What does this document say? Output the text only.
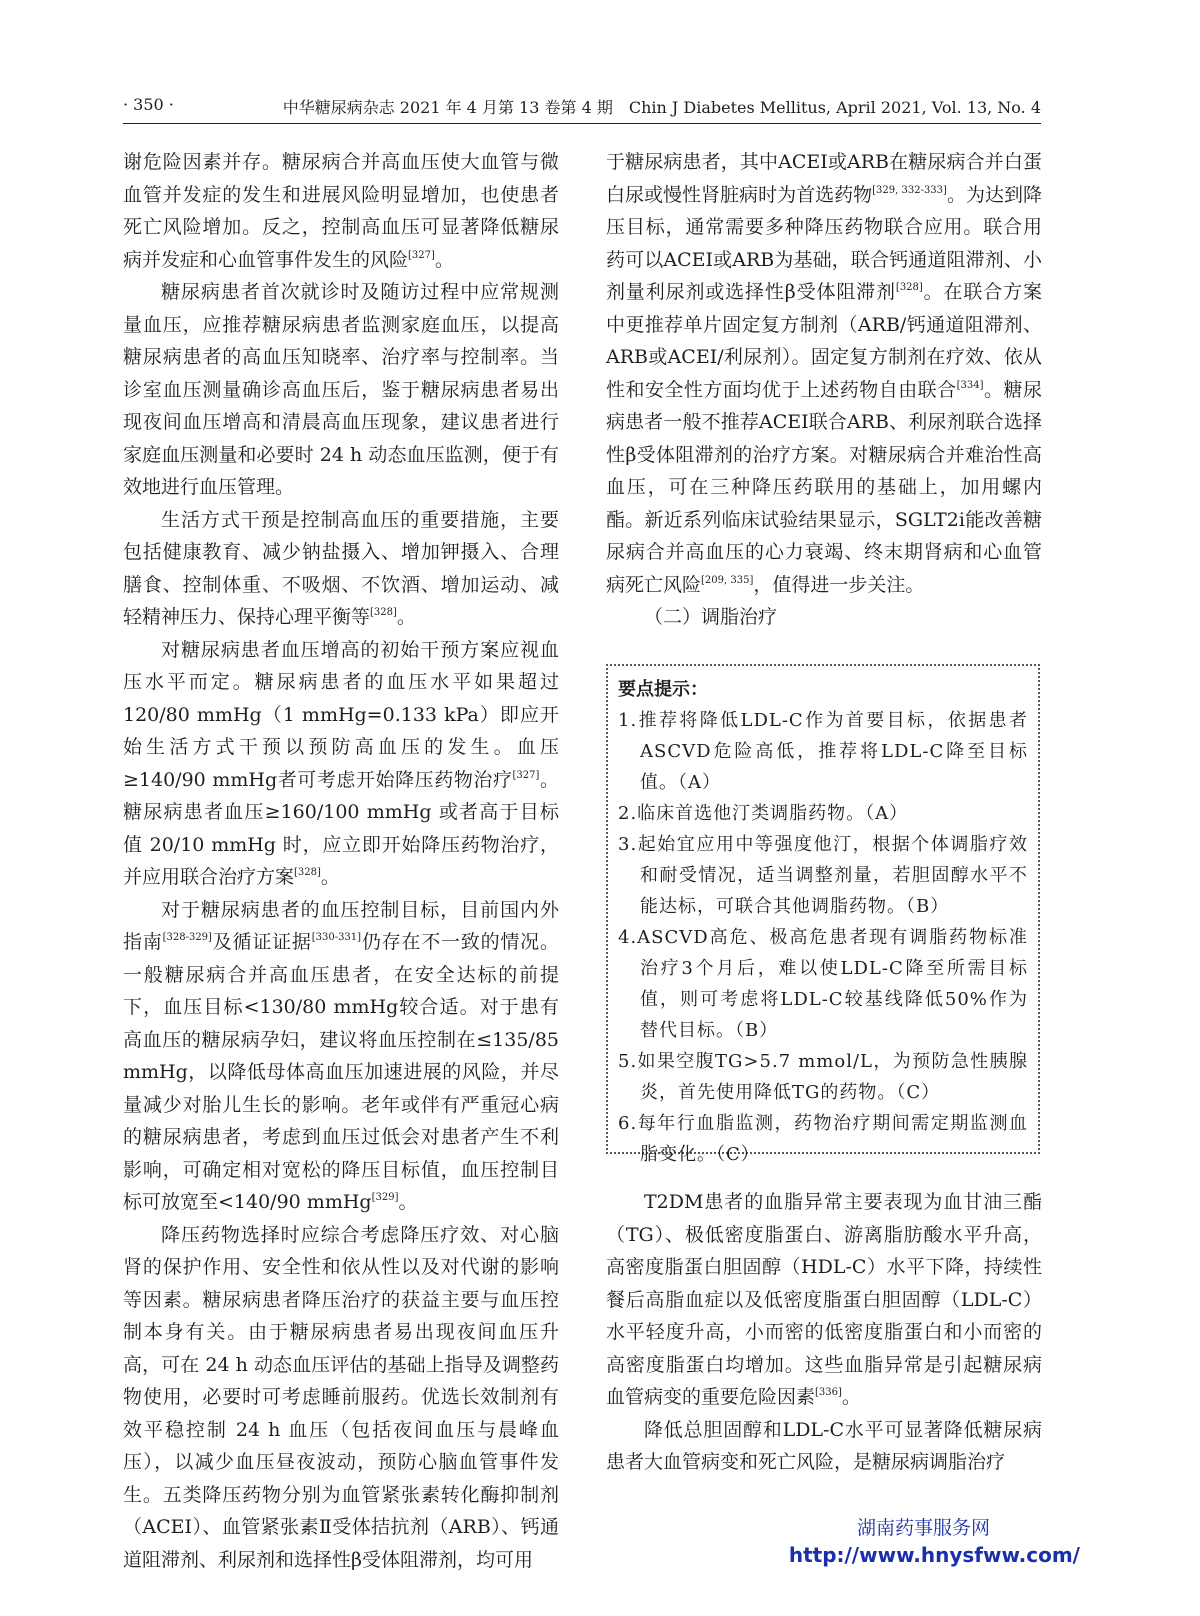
· 350 ·	中华糖尿病杂志 2021 年 4 月第 13 卷第 4 期　Chin J Diabetes Mellitus, April 2021, Vol. 13, No. 4

谢危险因素并存。糖尿病合并高血压使大血管与微血管并发症的发生和进展风险明显增加，也使患者死亡风险增加。反之，控制高血压可显著降低糖尿病并发症和心血管事件发生的风险[327]。

糖尿病患者首次就诊时及随访过程中应常规测量血压，应推荐糖尿病患者监测家庭血压，以提高糖尿病患者的高血压知晓率、治疗率与控制率。当诊室血压测量确诊高血压后，鉴于糖尿病患者易出现夜间血压增高和清晨高血压现象，建议患者进行家庭血压测量和必要时 24 h 动态血压监测，便于有效地进行血压管理。

生活方式干预是控制高血压的重要措施，主要包括健康教育、减少钠盐摄入、增加钾摄入、合理膳食、控制体重、不吸烟、不饮酒、增加运动、减轻精神压力、保持心理平衡等[328]。

对糖尿病患者血压增高的初始干预方案应视血压水平而定。糖尿病患者的血压水平如果超过120/80 mmHg（1 mmHg=0.133 kPa）即应开始生活方式干预以预防高血压的发生。血压≥140/90 mmHg者可考虑开始降压药物治疗[327]。糖尿病患者血压≥160/100 mmHg 或者高于目标值 20/10 mmHg 时，应立即开始降压药物治疗，并应用联合治疗方案[328]。

对于糖尿病患者的血压控制目标，目前国内外指南[328-329]及循证证据[330-331]仍存在不一致的情况。一般糖尿病合并高血压患者，在安全达标的前提下，血压目标<130/80 mmHg较合适。对于患有高血压的糖尿病孕妇，建议将血压控制在≤135/85 mmHg，以降低母体高血压加速进展的风险，并尽量减少对胎儿生长的影响。老年或伴有严重冠心病的糖尿病患者，考虑到血压过低会对患者产生不利影响，可确定相对宽松的降压目标值，血压控制目标可放宽至<140/90 mmHg[329]。

降压药物选择时应综合考虑降压疗效、对心脑肾的保护作用、安全性和依从性以及对代谢的影响等因素。糖尿病患者降压治疗的获益主要与血压控制本身有关。由于糖尿病患者易出现夜间血压升高，可在 24 h 动态血压评估的基础上指导及调整药物使用，必要时可考虑睡前服药。优选长效制剂有效平稳控制 24 h 血压（包括夜间血压与晨峰血压），以减少血压昼夜波动，预防心脑血管事件发生。五类降压药物分别为血管紧张素转化酶抑制剂（ACEI）、血管紧张素Ⅱ受体拮抗剂（ARB）、钙通道阻滞剂、利尿剂和选择性β受体阻滞剂，均可用

于糖尿病患者，其中ACEI或ARB在糖尿病合并白蛋白尿或慢性肾脏病时为首选药物[329, 332-333]。为达到降压目标，通常需要多种降压药物联合应用。联合用药可以ACEI或ARB为基础，联合钙通道阻滞剂、小剂量利尿剂或选择性β受体阻滞剂[328]。在联合方案中更推荐单片固定复方制剂（ARB/钙通道阻滞剂、ARB或ACEI/利尿剂）。固定复方制剂在疗效、依从性和安全性方面均优于上述药物自由联合[334]。糖尿病患者一般不推荐ACEI联合ARB、利尿剂联合选择性β受体阻滞剂的治疗方案。对糖尿病合并难治性高血压，可在三种降压药联用的基础上，加用螺内酯。新近系列临床试验结果显示，SGLT2i能改善糖尿病合并高血压的心力衰竭、终末期肾病和心血管病死亡风险[209, 335]，值得进一步关注。

（二）调脂治疗

要点提示：
1.推荐将降低LDL-C作为首要目标，依据患者ASCVD危险高低，推荐将LDL-C降至目标值。（A）
2.临床首选他汀类调脂药物。（A）
3.起始宜应用中等强度他汀，根据个体调脂疗效和耐受情况，适当调整剂量，若胆固醇水平不能达标，可联合其他调脂药物。（B）
4.ASCVD高危、极高危患者现有调脂药物标准治疗3个月后，难以使LDL-C降至所需目标值，则可考虑将LDL-C较基线降低50%作为替代目标。（B）
5.如果空腹TG>5.7 mmol/L，为预防急性胰腺炎，首先使用降低TG的药物。（C）
6.每年行血脂监测，药物治疗期间需定期监测血脂变化。（C）

T2DM患者的血脂异常主要表现为血甘油三酯（TG）、极低密度脂蛋白、游离脂肪酸水平升高，高密度脂蛋白胆固醇（HDL-C）水平下降，持续性餐后高脂血症以及低密度脂蛋白胆固醇（LDL-C）水平轻度升高，小而密的低密度脂蛋白和小而密的高密度脂蛋白均增加。这些血脂异常是引起糖尿病血管病变的重要危险因素[336]。

降低总胆固醇和LDL-C水平可显著降低糖尿病患者大血管病变和死亡风险，是糖尿病调脂治疗

湖南药事服务网
http://www.hnysfww.com/
